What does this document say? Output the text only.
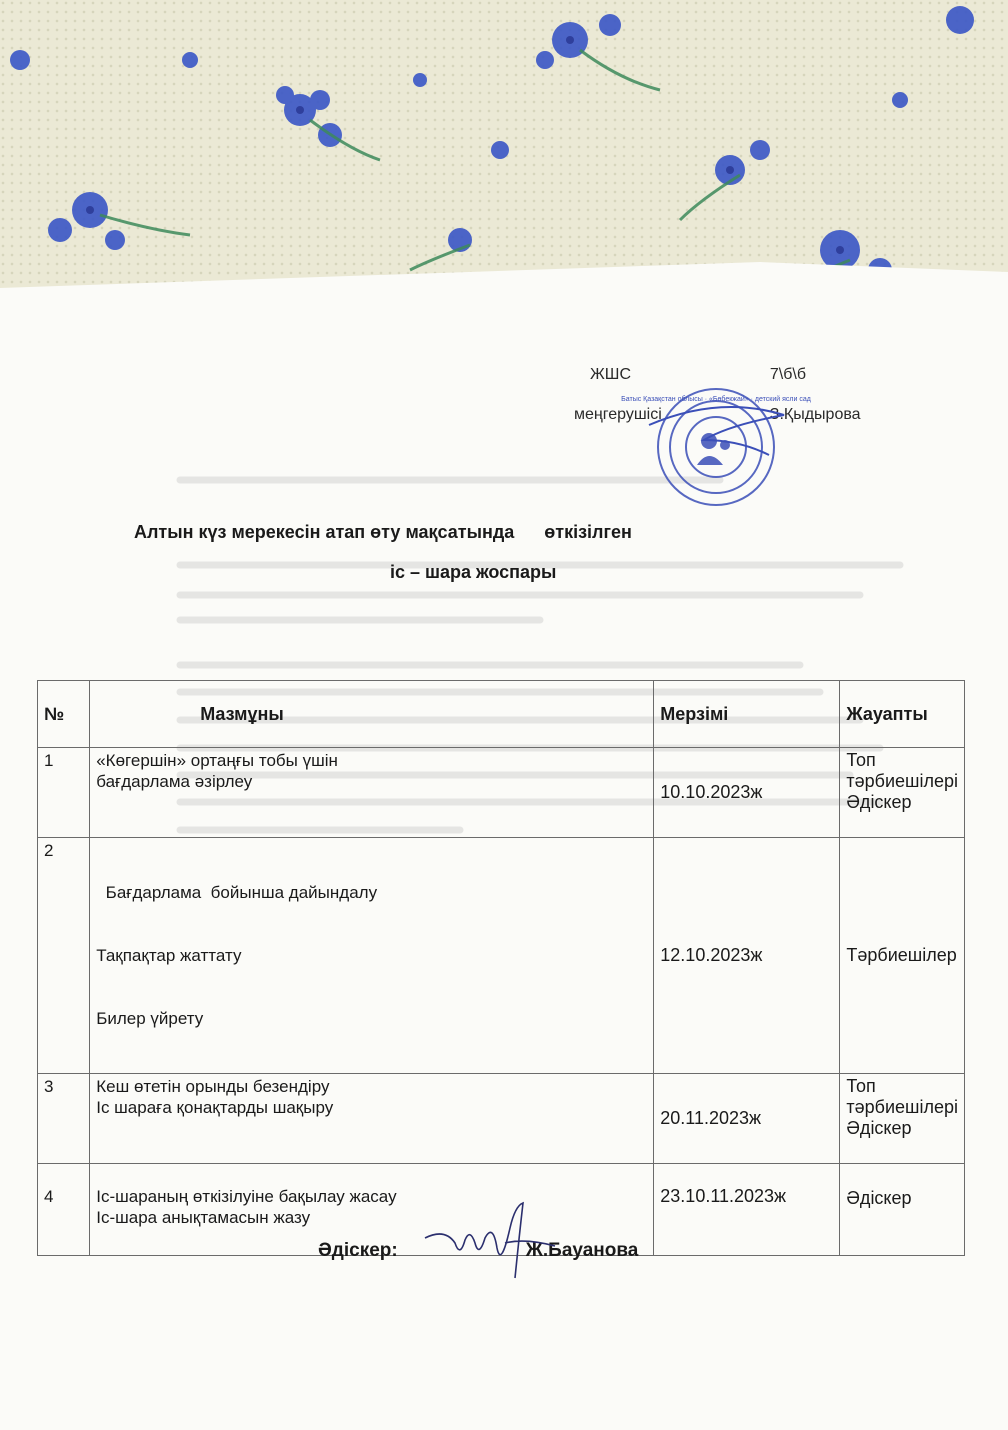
ЖШС	7\б\б
меңгерушісі	З.Қыдырова
Батыс Қазақстан облысы · «Бөбекжай» · детский ясли сад
Алтын күз мерекесін атап өту мақсатында өткізілген
іс – шара жоспары
№	Мазмұны	Мерзімі	Жауапты
1	«Көгершін» ортаңғы тобы үшін
бағдарлама әзірлеу	10.10.2023ж	Топ
тәрбиешілері
Әдіскер

2	Бағдарлама  бойынша дайындалу

Тақпақтар жаттату

Билер үйрету	12.10.2023ж	Тәрбиешілер

3	Кеш өтетін орынды безендіру
Іс шараға қонақтарды шақыру	20.11.2023ж	Топ
тәрбиешілері
Әдіскер

4	Іс-шараның өткізілуіне бақылау жасау
Іс-шара анықтамасын жазу	23.10.11.2023ж	Әдіскер
Әдіскер:	Ж.Бауанова
